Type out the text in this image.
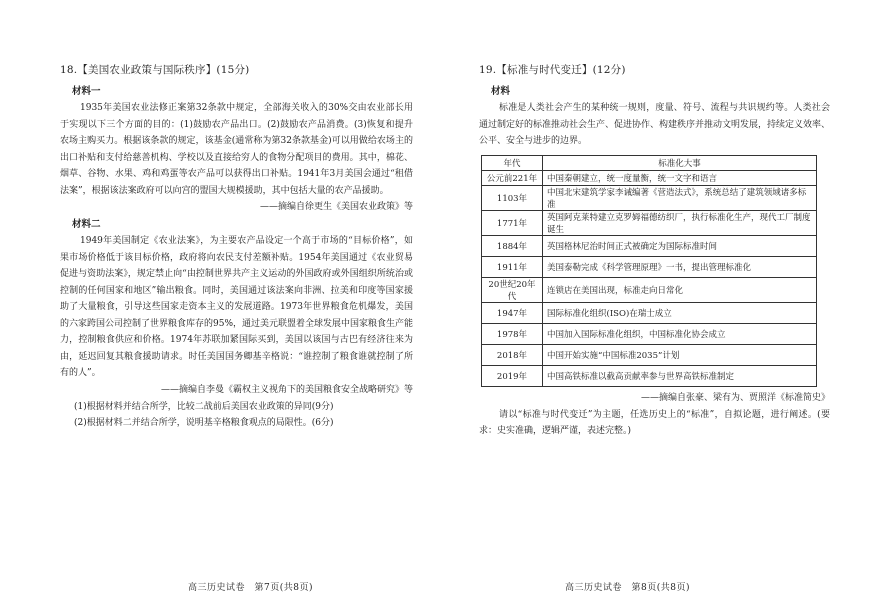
18.【美国农业政策与国际秩序】(15分)

材料一

1935年美国农业法修正案第32条款中规定，全部海关收入的30%交由农业部长用于实现以下三个方面的目的：(1)鼓励农产品出口。(2)鼓励农产品消费。(3)恢复和提升农场主购买力。根据该条款的规定，该基金(通常称为第32条款基金)可以用做给农场主的出口补贴和支付给慈善机构、学校以及直接给穷人的食物分配项目的费用。其中，棉花、烟草、谷物、水果、鸡和鸡蛋等农产品可以获得出口补贴。1941年3月美国会通过“租借法案”，根据该法案政府可以向宫的盟国大规模援助，其中包括大量的农产品援助。

——摘编自徐更生《美国农业政策》等

材料二

1949年美国制定《农业法案》，为主要农产品设定一个高于市场的“目标价格”，如果市场价格低于该目标价格，政府将向农民支付差额补贴。1954年美国通过《农业贸易促进与资助法案》，规定禁止向“由控制世界共产主义运动的外国政府或外国组织所统治或控制的任何国家和地区”输出粮食。同时，美国通过该法案向非洲、拉美和印度等国家援助了大量粮食，引导这些国家走资本主义的发展道路。1973年世界粮食危机爆发，美国的六家跨国公司控制了世界粮食库存的95%，通过美元联盟着全球发展中国家粮食生产能力，控制粮食供应和价格。1974年苏联加紧国际买到，美国以该国与古巴有经济往来为由，延迟回复其粮食援助请求。时任美国国务卿基辛格说：“谁控制了粮食谁就控制了所有的人”。

——摘编自李曼《霸权主义视角下的美国粮食安全战略研究》等

(1)根据材料并结合所学，比较二战前后美国农业政策的异同(9分)

(2)根据材料二并结合所学，说明基辛格粮食观点的局限性。(6分)

高三历史试卷　第7页(共8页)

19.【标准与时代变迁】(12分)

材料

标准是人类社会产生的某种统一规则，度量、符号、流程与共识规约等。人类社会通过制定好的标准推动社会生产、促进协作、构建秩序并推动文明发展，持续定义效率、公平、安全与进步的边界。

年代	标准化大事
公元前221年	中国秦朝建立，统一度量衡，统一文字和语言
1103年	中国北宋建筑学家李诫编著《营造法式》，系统总结了建筑领域诸多标准
1771年	英国阿克莱特建立克罗姆福德纺织厂，执行标准化生产，现代工厂制度诞生
1884年	英国格林尼治时间正式被确定为国际标准时间
1911年	美国泰勒完成《科学管理原理》一书，提出管理标准化
20世纪20年代	连锁店在美国出现，标准走向日常化
1947年	国际标准化组织(ISO)在瑞士成立
1978年	中国加入国际标准化组织，中国标准化协会成立
2018年	中国开始实施“中国标准2035”计划
2019年	中国高铁标准以截高贡献率参与世界高铁标准制定

——摘编自张豪、梁有为、贾照洋《标准简史》

请以“标准与时代变迁”为主题，任选历史上的“标准”，自拟论题，进行阐述。(要求：史实准确，逻辑严谨，表述完整。)

高三历史试卷　第8页(共8页)
